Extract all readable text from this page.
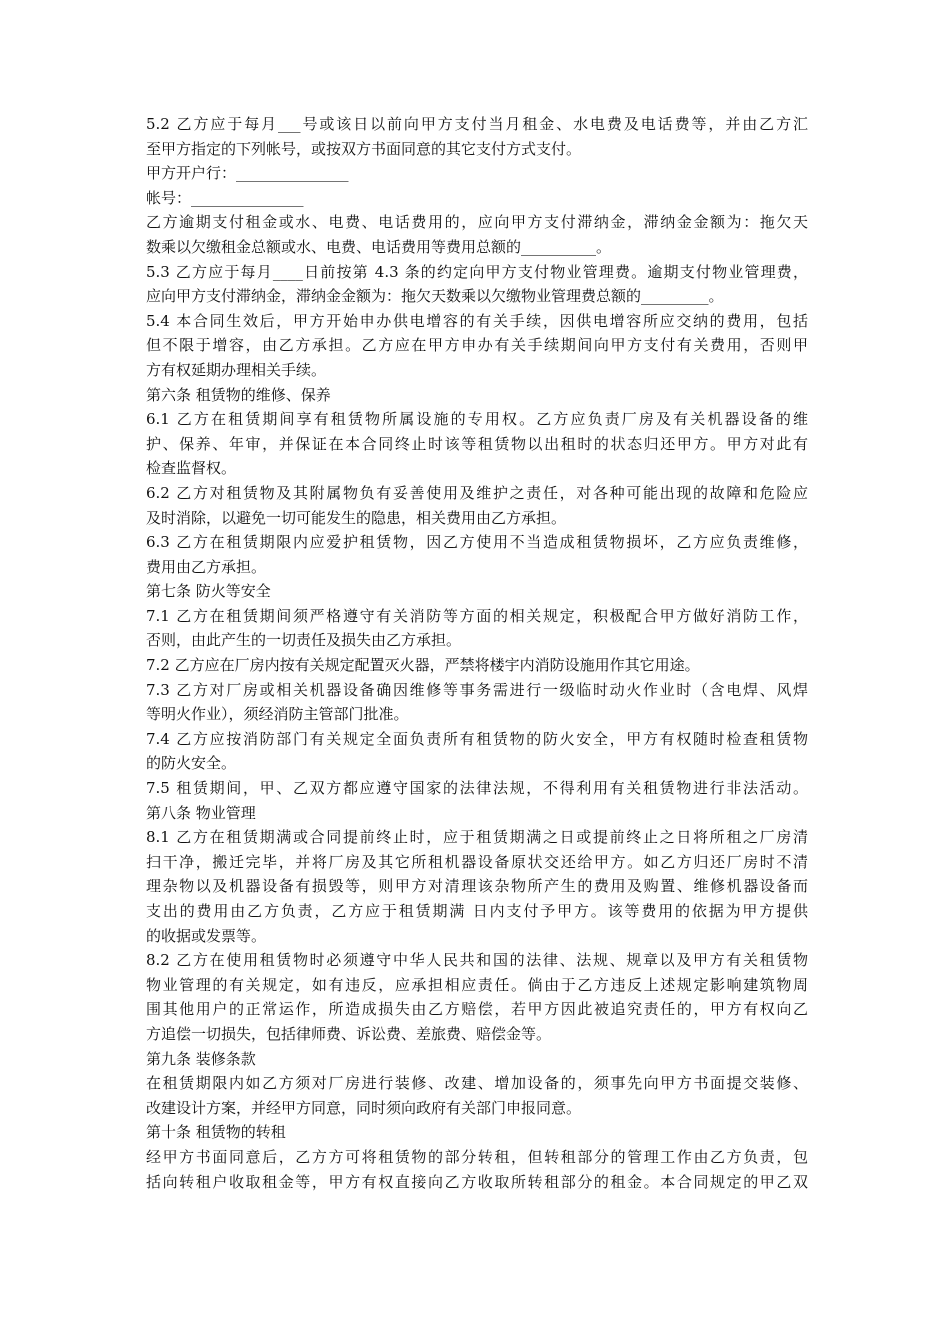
5.2 乙方应于每月___号或该日以前向甲方支付当月租金、水电费及电话费等，并由乙方汇
至甲方指定的下列帐号，或按双方书面同意的其它支付方式支付。
甲方开户行：_______________
帐号：_______________
乙方逾期支付租金或水、电费、电话费用的，应向甲方支付滞纳金，滞纳金金额为：拖欠天
数乘以欠缴租金总额或水、电费、电话费用等费用总额的__________。
5.3 乙方应于每月____日前按第 4.3 条的约定向甲方支付物业管理费。逾期支付物业管理费，
应向甲方支付滞纳金，滞纳金金额为：拖欠天数乘以欠缴物业管理费总额的_________。
5.4 本合同生效后，甲方开始申办供电增容的有关手续，因供电增容所应交纳的费用，包括
但不限于增容，由乙方承担。乙方应在甲方申办有关手续期间向甲方支付有关费用，否则甲
方有权延期办理相关手续。
第六条 租赁物的维修、保养
6.1 乙方在租赁期间享有租赁物所属设施的专用权。乙方应负责厂房及有关机器设备的维
护、保养、年审，并保证在本合同终止时该等租赁物以出租时的状态归还甲方。甲方对此有
检查监督权。
6.2 乙方对租赁物及其附属物负有妥善使用及维护之责任，对各种可能出现的故障和危险应
及时消除，以避免一切可能发生的隐患，相关费用由乙方承担。
6.3 乙方在租赁期限内应爱护租赁物，因乙方使用不当造成租赁物损坏，乙方应负责维修，
费用由乙方承担。
第七条 防火等安全
7.1 乙方在租赁期间须严格遵守有关消防等方面的相关规定，积极配合甲方做好消防工作，
否则，由此产生的一切责任及损失由乙方承担。
7.2 乙方应在厂房内按有关规定配置灭火器，严禁将楼宇内消防设施用作其它用途。
7.3 乙方对厂房或相关机器设备确因维修等事务需进行一级临时动火作业时（含电焊、风焊
等明火作业），须经消防主管部门批准。
7.4 乙方应按消防部门有关规定全面负责所有租赁物的防火安全，甲方有权随时检查租赁物
的防火安全。
7.5 租赁期间，甲、乙双方都应遵守国家的法律法规，不得利用有关租赁物进行非法活动。
第八条 物业管理
8.1 乙方在租赁期满或合同提前终止时，应于租赁期满之日或提前终止之日将所租之厂房清
扫干净，搬迁完毕，并将厂房及其它所租机器设备原状交还给甲方。如乙方归还厂房时不清
理杂物以及机器设备有损毁等，则甲方对清理该杂物所产生的费用及购置、维修机器设备而
支出的费用由乙方负责，乙方应于租赁期满 日内支付予甲方。该等费用的依据为甲方提供
的收据或发票等。
8.2 乙方在使用租赁物时必须遵守中华人民共和国的法律、法规、规章以及甲方有关租赁物
物业管理的有关规定，如有违反，应承担相应责任。倘由于乙方违反上述规定影响建筑物周
围其他用户的正常运作，所造成损失由乙方赔偿，若甲方因此被追究责任的，甲方有权向乙
方追偿一切损失，包括律师费、诉讼费、差旅费、赔偿金等。
第九条 装修条款
在租赁期限内如乙方须对厂房进行装修、改建、增加设备的，须事先向甲方书面提交装修、
改建设计方案，并经甲方同意，同时须向政府有关部门申报同意。
第十条 租赁物的转租
经甲方书面同意后，乙方方可将租赁物的部分转租，但转租部分的管理工作由乙方负责，包
括向转租户收取租金等，甲方有权直接向乙方收取所转租部分的租金。本合同规定的甲乙双
